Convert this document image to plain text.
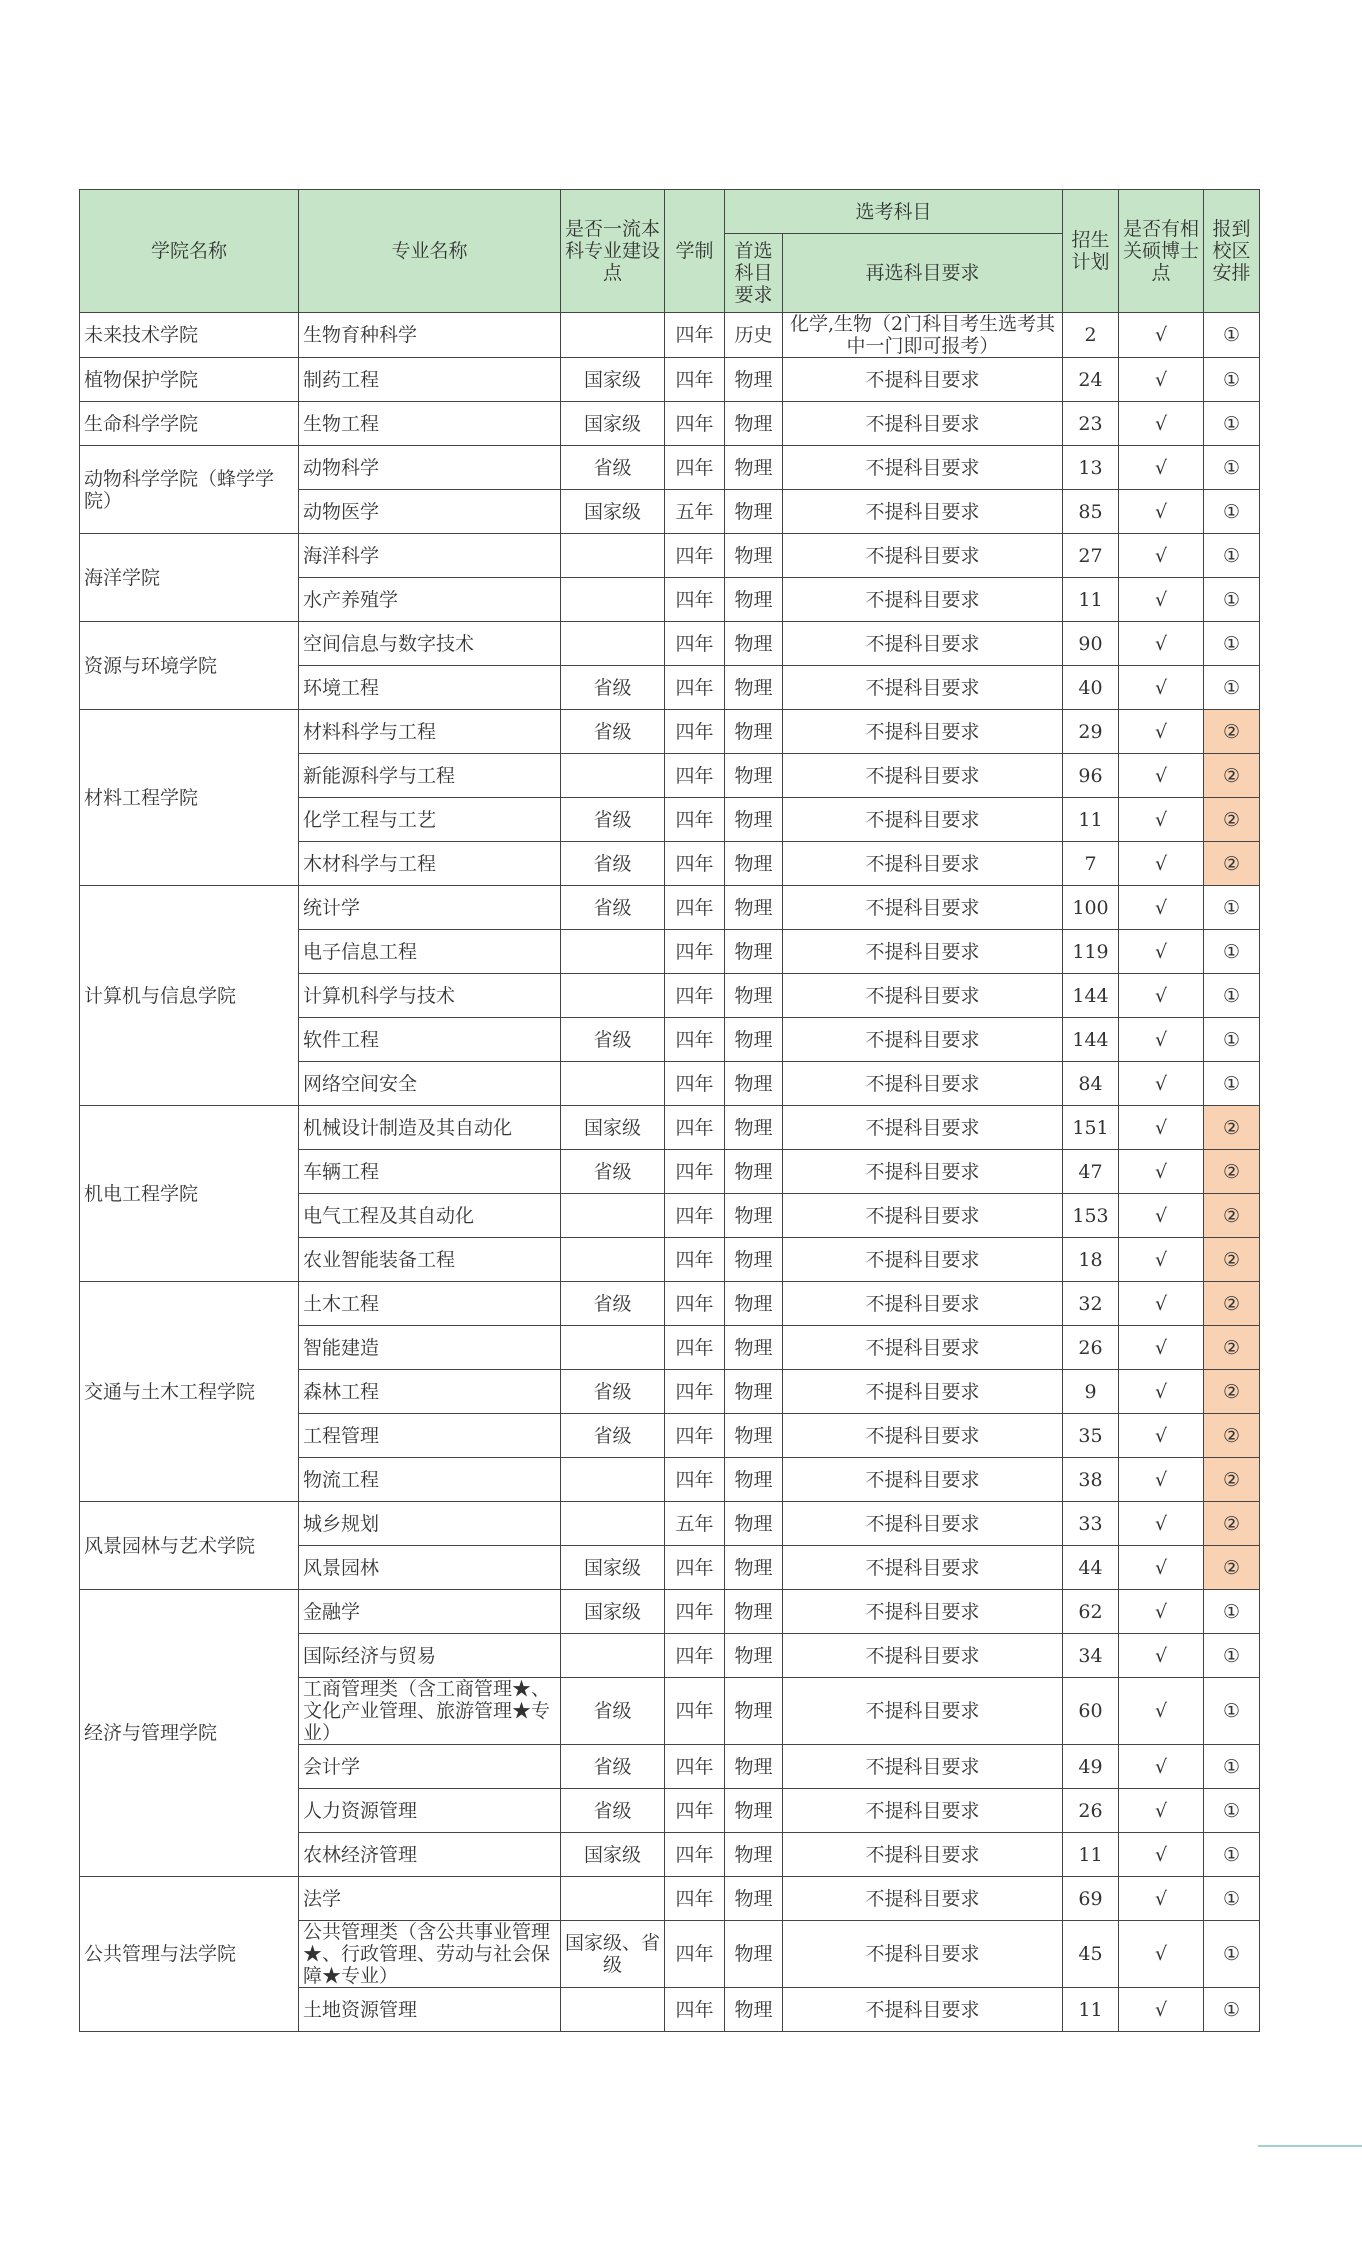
学院名称	专业名称	是否一流本科专业建设点	学制	选考科目		招生计划	是否有相关硕博士点	报到校区安排
				首选科目要求	再选科目要求			
未来技术学院	生物育种科学		四年	历史	化学,生物（2门科目考生选考其中一门即可报考）	2	√	①
植物保护学院	制药工程	国家级	四年	物理	不提科目要求	24	√	①
生命科学学院	生物工程	国家级	四年	物理	不提科目要求	23	√	①
动物科学学院（蜂学学院）	动物科学	省级	四年	物理	不提科目要求	13	√	①
	动物医学	国家级	五年	物理	不提科目要求	85	√	①
海洋学院	海洋科学		四年	物理	不提科目要求	27	√	①
	水产养殖学		四年	物理	不提科目要求	11	√	①
资源与环境学院	空间信息与数字技术		四年	物理	不提科目要求	90	√	①
	环境工程	省级	四年	物理	不提科目要求	40	√	①
材料工程学院	材料科学与工程	省级	四年	物理	不提科目要求	29	√	②
	新能源科学与工程		四年	物理	不提科目要求	96	√	②
	化学工程与工艺	省级	四年	物理	不提科目要求	11	√	②
	木材科学与工程	省级	四年	物理	不提科目要求	7	√	②
计算机与信息学院	统计学	省级	四年	物理	不提科目要求	100	√	①
	电子信息工程		四年	物理	不提科目要求	119	√	①
	计算机科学与技术		四年	物理	不提科目要求	144	√	①
	软件工程	省级	四年	物理	不提科目要求	144	√	①
	网络空间安全		四年	物理	不提科目要求	84	√	①
机电工程学院	机械设计制造及其自动化	国家级	四年	物理	不提科目要求	151	√	②
	车辆工程	省级	四年	物理	不提科目要求	47	√	②
	电气工程及其自动化		四年	物理	不提科目要求	153	√	②
	农业智能装备工程		四年	物理	不提科目要求	18	√	②
交通与土木工程学院	土木工程	省级	四年	物理	不提科目要求	32	√	②
	智能建造		四年	物理	不提科目要求	26	√	②
	森林工程	省级	四年	物理	不提科目要求	9	√	②
	工程管理	省级	四年	物理	不提科目要求	35	√	②
	物流工程		四年	物理	不提科目要求	38	√	②
风景园林与艺术学院	城乡规划		五年	物理	不提科目要求	33	√	②
	风景园林	国家级	四年	物理	不提科目要求	44	√	②
经济与管理学院	金融学	国家级	四年	物理	不提科目要求	62	√	①
	国际经济与贸易		四年	物理	不提科目要求	34	√	①
	工商管理类（含工商管理★、文化产业管理、旅游管理★专业）	省级	四年	物理	不提科目要求	60	√	①
	会计学	省级	四年	物理	不提科目要求	49	√	①
	人力资源管理	省级	四年	物理	不提科目要求	26	√	①
	农林经济管理	国家级	四年	物理	不提科目要求	11	√	①
公共管理与法学院	法学		四年	物理	不提科目要求	69	√	①
	公共管理类（含公共事业管理★、行政管理、劳动与社会保障★专业）	国家级、省级	四年	物理	不提科目要求	45	√	①
	土地资源管理		四年	物理	不提科目要求	11	√	①
